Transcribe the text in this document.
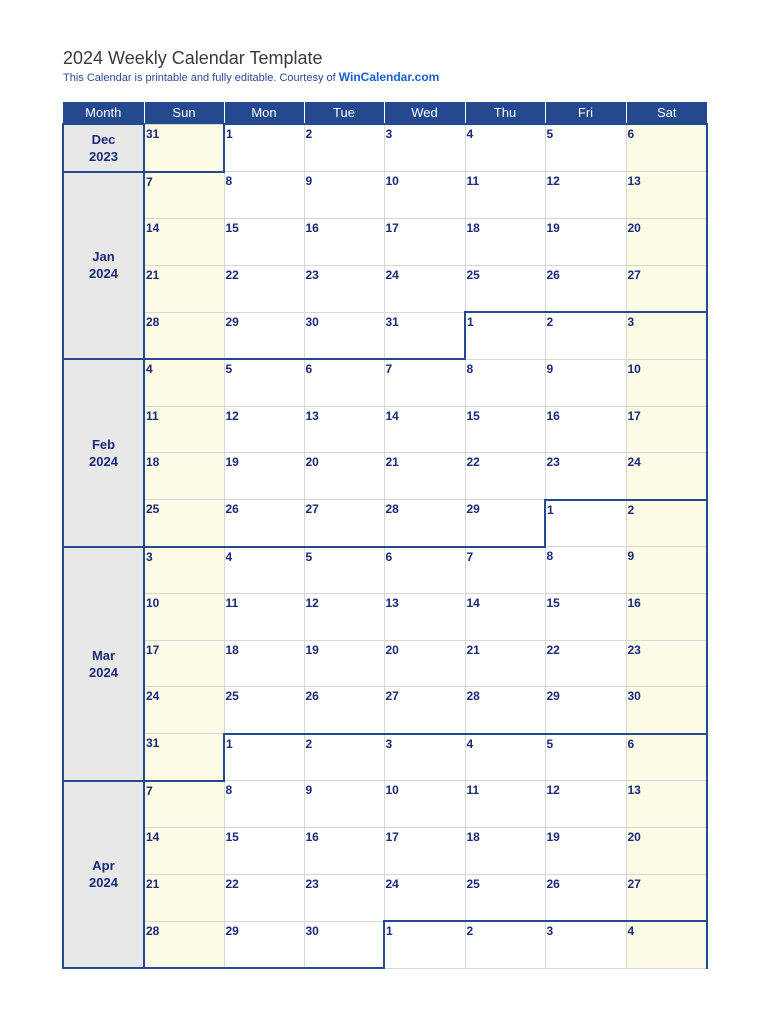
2024 Weekly Calendar Template
This Calendar is printable and fully editable. Courtesy of WinCalendar.com
Month	Sun	Mon	Tue	Wed	Thu	Fri	Sat

Dec
2023	31	1	2	3	4	5	6

Jan
2024	7	8	9	10	11	12	13

	14	15	16	17	18	19	20

	21	22	23	24	25	26	27

	28	29	30	31	1	2	3

Feb
2024	4	5	6	7	8	9	10

	11	12	13	14	15	16	17

	18	19	20	21	22	23	24

	25	26	27	28	29	1	2

Mar
2024	3	4	5	6	7	8	9

	10	11	12	13	14	15	16

	17	18	19	20	21	22	23

	24	25	26	27	28	29	30

	31	1	2	3	4	5	6

Apr
2024	7	8	9	10	11	12	13

	14	15	16	17	18	19	20

	21	22	23	24	25	26	27

	28	29	30	1	2	3	4
